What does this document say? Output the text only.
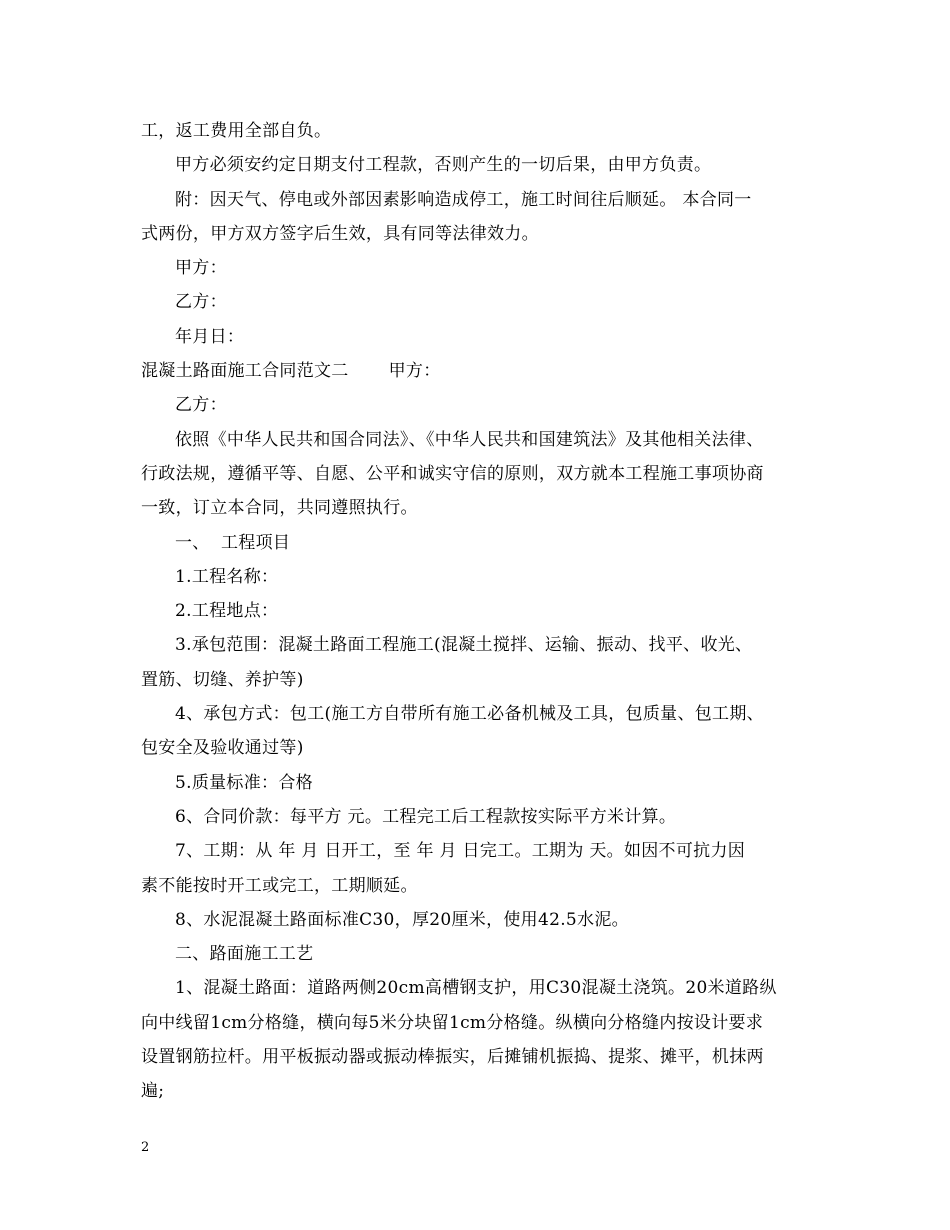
工，返工费用全部自负。
甲方必须安约定日期支付工程款，否则产生的一切后果，由甲方负责。
附：因天气、停电或外部因素影响造成停工，施工时间往后顺延。 本合同一
式两份，甲方双方签字后生效，具有同等法律效力。
甲方：
乙方：
年月日：
混凝土路面施工合同范文二 甲方：
乙方：
依照《中华人民共和国合同法》、《中华人民共和国建筑法》及其他相关法律、
行政法规，遵循平等、自愿、公平和诚实守信的原则，双方就本工程施工事项协商
一致，订立本合同，共同遵照执行。
一、  工程项目
1.工程名称：
2.工程地点：
3.承包范围：混凝土路面工程施工(混凝土搅拌、运输、振动、找平、收光、
置筋、切缝、养护等)
4、承包方式：包工(施工方自带所有施工必备机械及工具，包质量、包工期、
包安全及验收通过等)
5.质量标准：合格
6、合同价款：每平方 元。工程完工后工程款按实际平方米计算。
7、工期：从 年 月 日开工，至 年 月 日完工。工期为 天。如因不可抗力因
素不能按时开工或完工，工期顺延。
8、水泥混凝土路面标准C30，厚20厘米，使用42.5水泥。
二、路面施工工艺
1、混凝土路面：道路两侧20cm高槽钢支护，用C30混凝土浇筑。20米道路纵
向中线留1cm分格缝，横向每5米分块留1cm分格缝。纵横向分格缝内按设计要求
设置钢筋拉杆。用平板振动器或振动棒振实，后摊铺机振捣、提浆、摊平，机抹两
遍;
2
